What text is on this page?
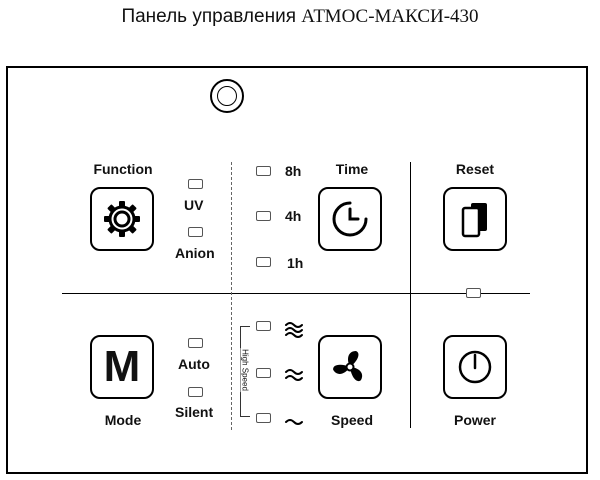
Панель управления АТМОС-МАКСИ-430
Function
UV
Anion
8h
4h
1h
Time	Reset
M
Mode
Auto
Silent
High Speed
Speed	Power
